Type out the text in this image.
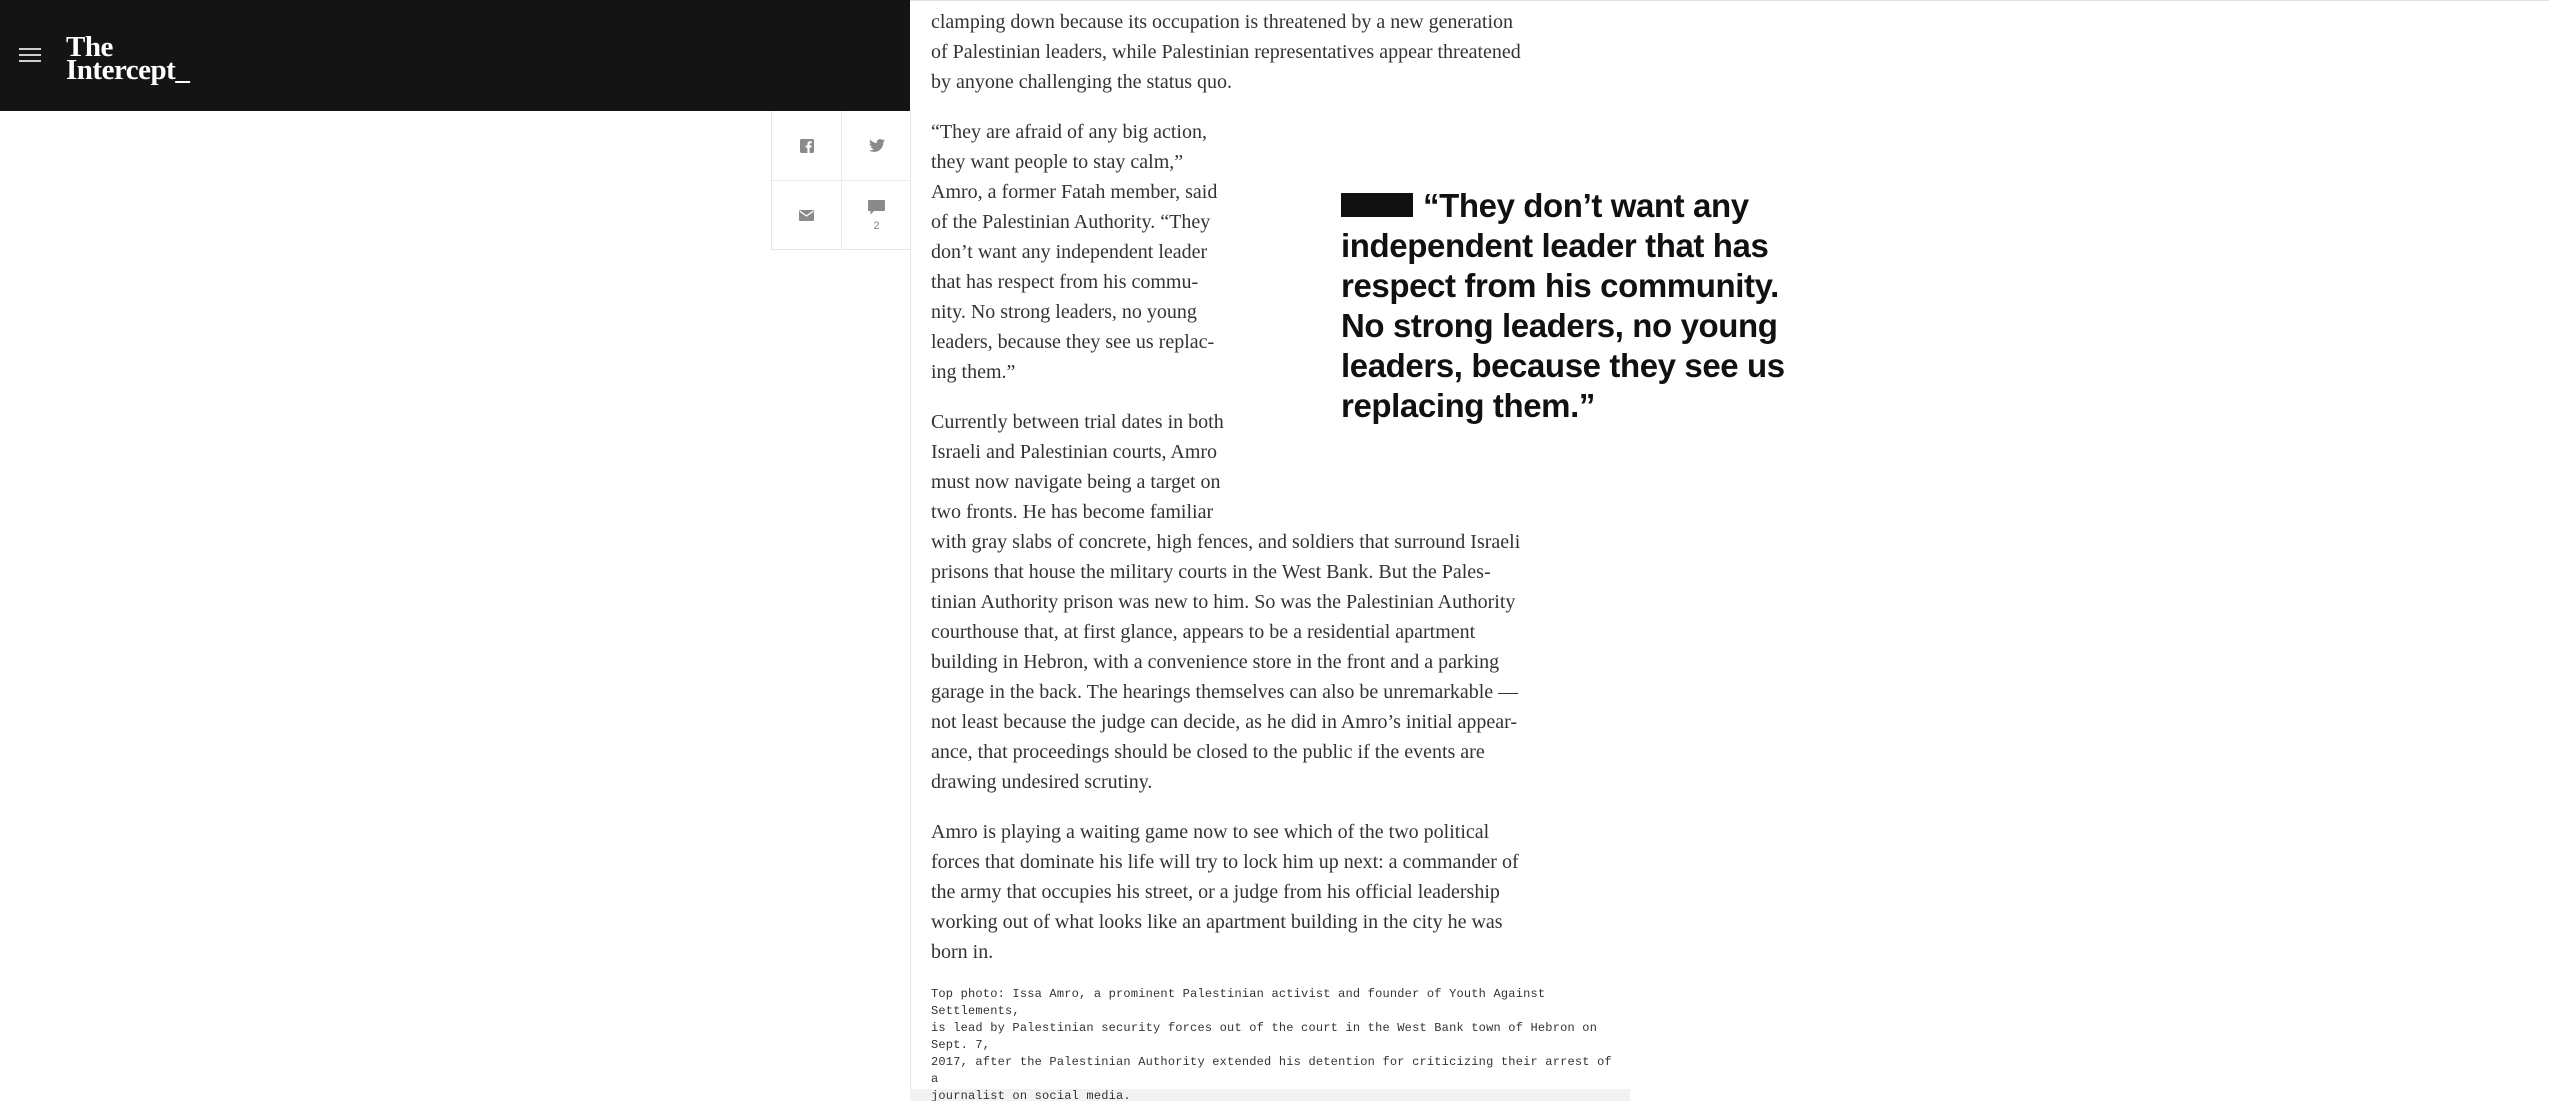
The
Intercept_
2

clamping down because its occupation is threatened by a new generation
of Palestinian leaders, while Palestinian representatives appear threatened
by anyone challenging the status quo.

“They are afraid of any big action,
they want people to stay calm,”
Amro, a former Fatah member, said
of the Palestinian Authority. “They
don’t want any independent leader
that has respect from his commu-
nity. No strong leaders, no young
leaders, because they see us replac-
ing them.”

Currently between trial dates in both
Israeli and Palestinian courts, Amro
must now navigate being a target on
two fronts. He has become familiar
with gray slabs of concrete, high fences, and soldiers that surround Israeli
prisons that house the military courts in the West Bank. But the Pales-
tinian Authority prison was new to him. So was the Palestinian Authority
courthouse that, at first glance, appears to be a residential apartment
building in Hebron, with a convenience store in the front and a parking
garage in the back. The hearings themselves can also be unremarkable —
not least because the judge can decide, as he did in Amro’s initial appear-
ance, that proceedings should be closed to the public if the events are
drawing undesired scrutiny.

Amro is playing a waiting game now to see which of the two political
forces that dominate his life will try to lock him up next: a commander of
the army that occupies his street, or a judge from his official leadership
working out of what looks like an apartment building in the city he was
born in.

Top photo: Issa Amro, a prominent Palestinian activist and founder of Youth Against Settlements,
is lead by Palestinian security forces out of the court in the West Bank town of Hebron on Sept. 7,
2017, after the Palestinian Authority extended his detention for criticizing their arrest of a
journalist on social media.
“They don’t want any
independent leader that has
respect from his community.
No strong leaders, no young
leaders, because they see us
replacing them.”
